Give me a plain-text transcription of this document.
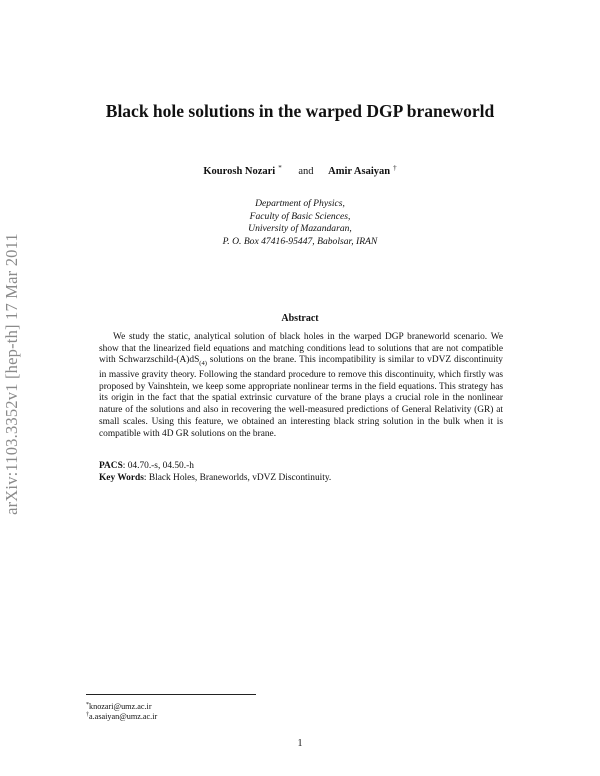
arXiv:1103.3352v1 [hep-th] 17 Mar 2011
Black hole solutions in the warped DGP braneworld
Kourosh Nozari * and Amir Asaiyan †
Department of Physics,
Faculty of Basic Sciences,
University of Mazandaran,
P. O. Box 47416-95447, Babolsar, IRAN
Abstract
We study the static, analytical solution of black holes in the warped DGP braneworld scenario. We show that the linearized field equations and matching conditions lead to solutions that are not compatible with Schwarzschild-$(A)dS_{(4)}$ solutions on the brane. This incompatibility is similar to vDVZ discontinuity in massive gravity theory. Following the standard procedure to remove this discontinuity, which firstly was proposed by Vainshtein, we keep some appropriate nonlinear terms in the field equations. This strategy has its origin in the fact that the spatial extrinsic curvature of the brane plays a crucial role in the nonlinear nature of the solutions and also in recovering the well-measured predictions of General Relativity (GR) at small scales. Using this feature, we obtained an interesting black string solution in the bulk when it is compatible with 4D GR solutions on the brane.
PACS: 04.70.-s, 04.50.-h
Key Words: Black Holes, Braneworlds, vDVZ Discontinuity.
*knozari@umz.ac.ir
†a.asaiyan@umz.ac.ir
1
